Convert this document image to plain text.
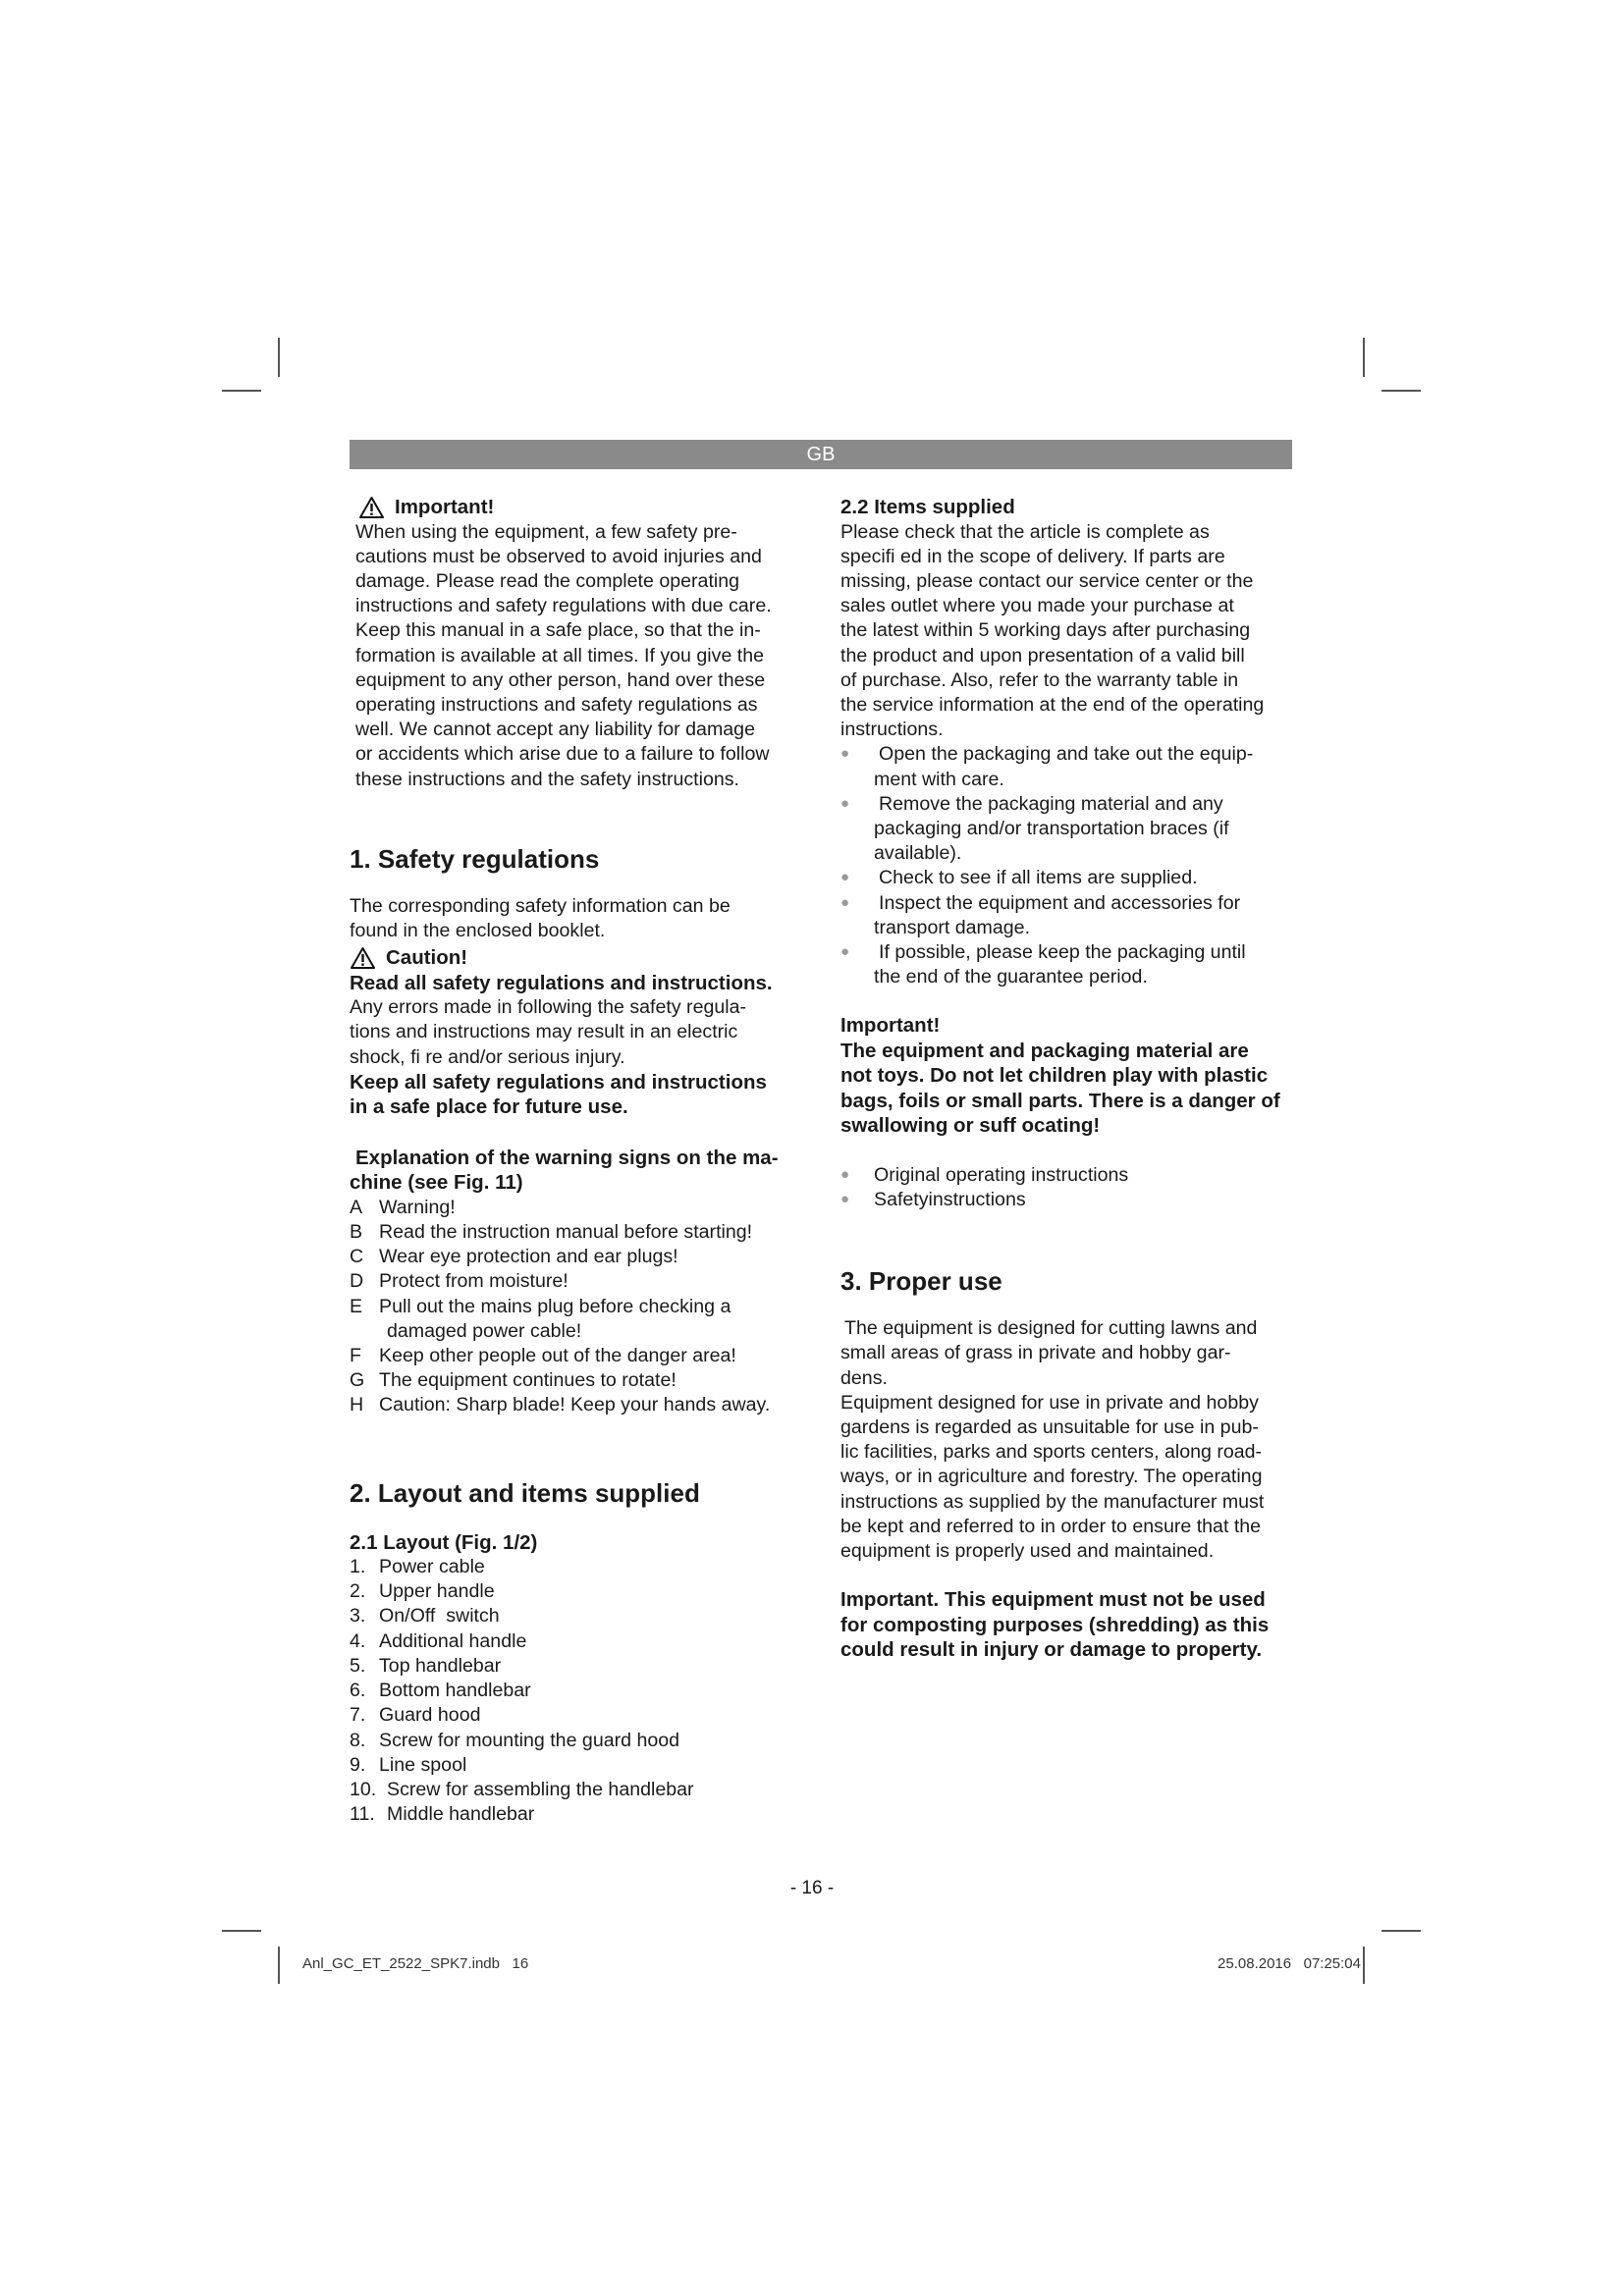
GB
Important!

When using the equipment, a few safety pre-

cautions must be observed to avoid injuries and

damage. Please read the complete operating

instructions and safety regulations with due care.

Keep this manual in a safe place, so that the in-

formation is available at all times. If you give the

equipment to any other person, hand over these

operating instructions and safety regulations as

well. We cannot accept any liability for damage

or accidents which arise due to a failure to follow

these instructions and the safety instructions.

1. Safety regulations

The corresponding safety information can be

found in the enclosed booklet.

Caution!

Read all safety regulations and instructions.

Any errors made in following the safety regula-

tions and instructions may result in an electric

shock, fi re and/or serious injury.

Keep all safety regulations and instructions

in a safe place for future use.

Explanation of the warning signs on the ma-

chine (see Fig. 11)

A Warning!
B Read the instruction manual before starting!
C Wear eye protection and ear plugs!
D Protect from moisture!
E Pull out the mains plug before checking a
damaged power cable!
F Keep other people out of the danger area!
G The equipment continues to rotate!
H Caution: Sharp blade! Keep your hands away.

2. Layout and items supplied

2.1 Layout (Fig. 1/2)

1. Power cable
2. Upper handle
3. On/Off  switch
4. Additional handle
5. Top handlebar
6. Bottom handlebar
7. Guard hood
8. Screw for mounting the guard hood
9. Line spool
10. Screw for assembling the handlebar
11. Middle handlebar

2.2 Items supplied

Please check that the article is complete as

specifi ed in the scope of delivery. If parts are

missing, please contact our service center or the

sales outlet where you made your purchase at

the latest within 5 working days after purchasing

the product and upon presentation of a valid bill

of purchase. Also, refer to the warranty table in

the service information at the end of the operating

instructions.

●	Open the packaging and take out the equip-
ment with care.
●	Remove the packaging material and any
packaging and/or transportation braces (if
available).
●	Check to see if all items are supplied.
●	Inspect the equipment and accessories for
transport damage.
●	If possible, please keep the packaging until
the end of the guarantee period.

Important!

The equipment and packaging material are

not toys. Do not let children play with plastic

bags, foils or small parts. There is a danger of

swallowing or suff ocating!

●	Original operating instructions
●	Safetyinstructions

3. Proper use

The equipment is designed for cutting lawns and

small areas of grass in private and hobby gar-

dens.

Equipment designed for use in private and hobby

gardens is regarded as unsuitable for use in pub-

lic facilities, parks and sports centers, along road-

ways, or in agriculture and forestry. The operating

instructions as supplied by the manufacturer must

be kept and referred to in order to ensure that the

equipment is properly used and maintained.

Important. This equipment must not be used

for composting purposes (shredding) as this

could result in injury or damage to property.

- 16 -
Anl_GC_ET_2522_SPK7.indb   16	25.08.2016   07:25:04
